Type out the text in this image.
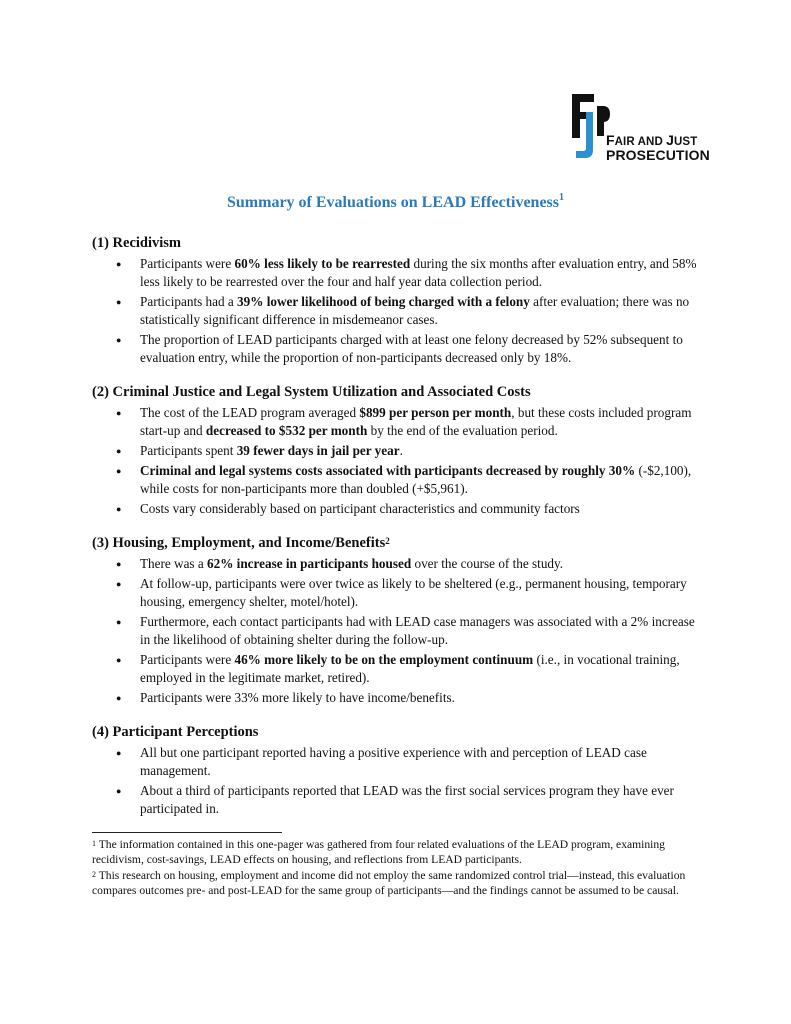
FAIR AND JUST
PROSECUTION
Summary of Evaluations on LEAD Effectiveness$^1$
(1) Recidivism
● Participants were 60% less likely to be rearrested during the six months after evaluation entry, and 58% less likely to be rearrested over the four and half year data collection period.
● Participants had a 39% lower likelihood of being charged with a felony after evaluation; there was no statistically significant difference in misdemeanor cases.
● The proportion of LEAD participants charged with at least one felony decreased by 52% subsequent to evaluation entry, while the proportion of non-participants decreased only by 18%.
(2) Criminal Justice and Legal System Utilization and Associated Costs
● The cost of the LEAD program averaged $899 per person per month, but these costs included program start-up and decreased to $532 per month by the end of the evaluation period.
● Participants spent 39 fewer days in jail per year.
● Criminal and legal systems costs associated with participants decreased by roughly 30% (-$2,100), while costs for non-participants more than doubled (+$5,961).
● Costs vary considerably based on participant characteristics and community factors
(3) Housing, Employment, and Income/Benefits$^2$
● There was a 62% increase in participants housed over the course of the study.
● At follow-up, participants were over twice as likely to be sheltered (e.g., permanent housing, temporary housing, emergency shelter, motel/hotel).
● Furthermore, each contact participants had with LEAD case managers was associated with a 2% increase in the likelihood of obtaining shelter during the follow-up.
● Participants were 46% more likely to be on the employment continuum (i.e., in vocational training, employed in the legitimate market, retired).
● Participants were 33% more likely to have income/benefits.
(4) Participant Perceptions
● All but one participant reported having a positive experience with and perception of LEAD case management.
● About a third of participants reported that LEAD was the first social services program they have ever participated in.

$^1$ The information contained in this one-pager was gathered from four related evaluations of the LEAD program, examining recidivism, cost-savings, LEAD effects on housing, and reflections from LEAD participants.

$^2$ This research on housing, employment and income did not employ the same randomized control trial—instead, this evaluation compares outcomes pre- and post-LEAD for the same group of participants—and the findings cannot be assumed to be causal.
